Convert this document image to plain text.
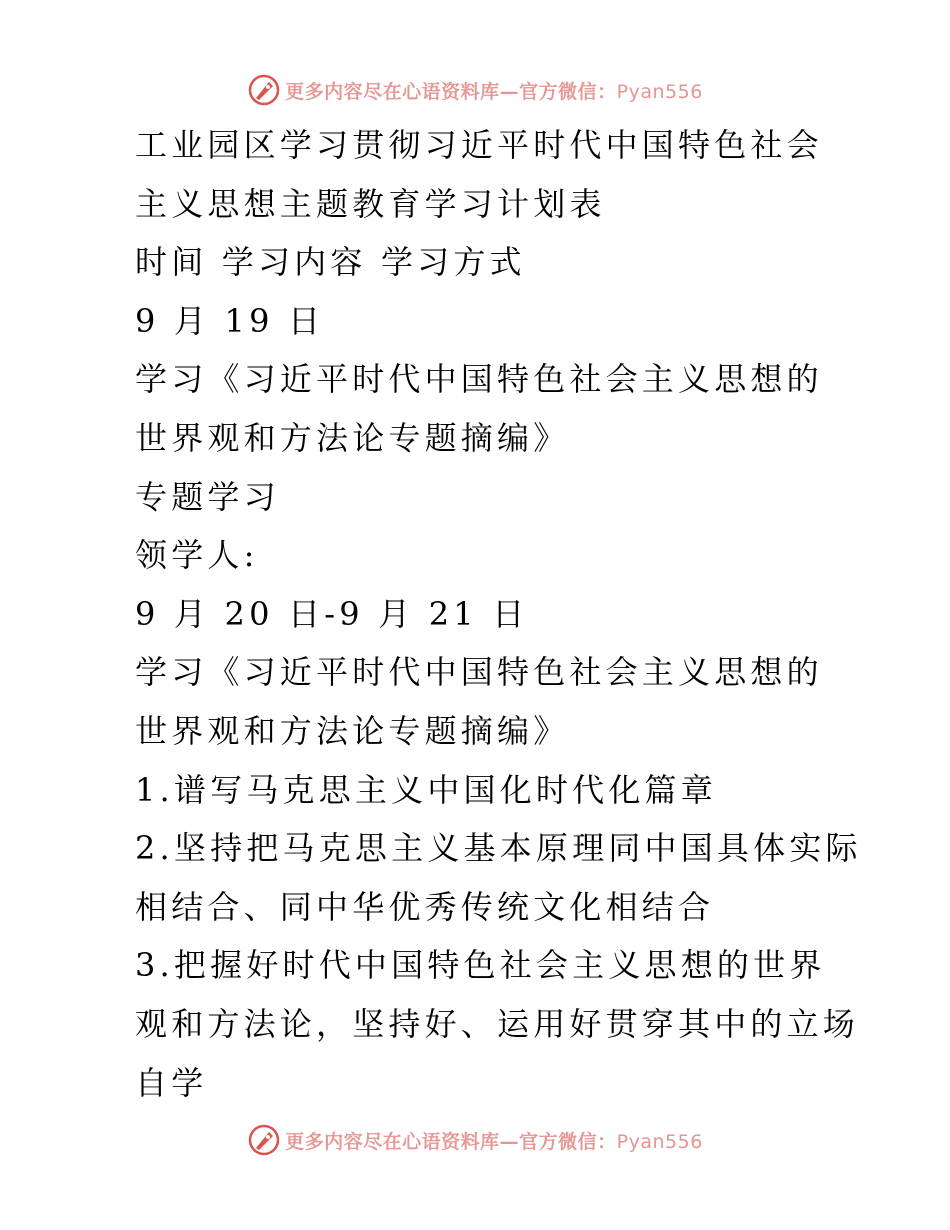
更多内容尽在心语资料库—官方微信：Pyan556
工业园区学习贯彻习近平时代中国特色社会
主义思想主题教育学习计划表
时间 学习内容 学习方式
9 月 19 日
学习《习近平时代中国特色社会主义思想的
世界观和方法论专题摘编》
专题学习
领学人:
9 月 20 日-9 月 21 日
学习《习近平时代中国特色社会主义思想的
世界观和方法论专题摘编》
1.谱写马克思主义中国化时代化篇章
2.坚持把马克思主义基本原理同中国具体实际
相结合、同中华优秀传统文化相结合
3.把握好时代中国特色社会主义思想的世界
观和方法论，坚持好、运用好贯穿其中的立场
自学
更多内容尽在心语资料库—官方微信：Pyan556
